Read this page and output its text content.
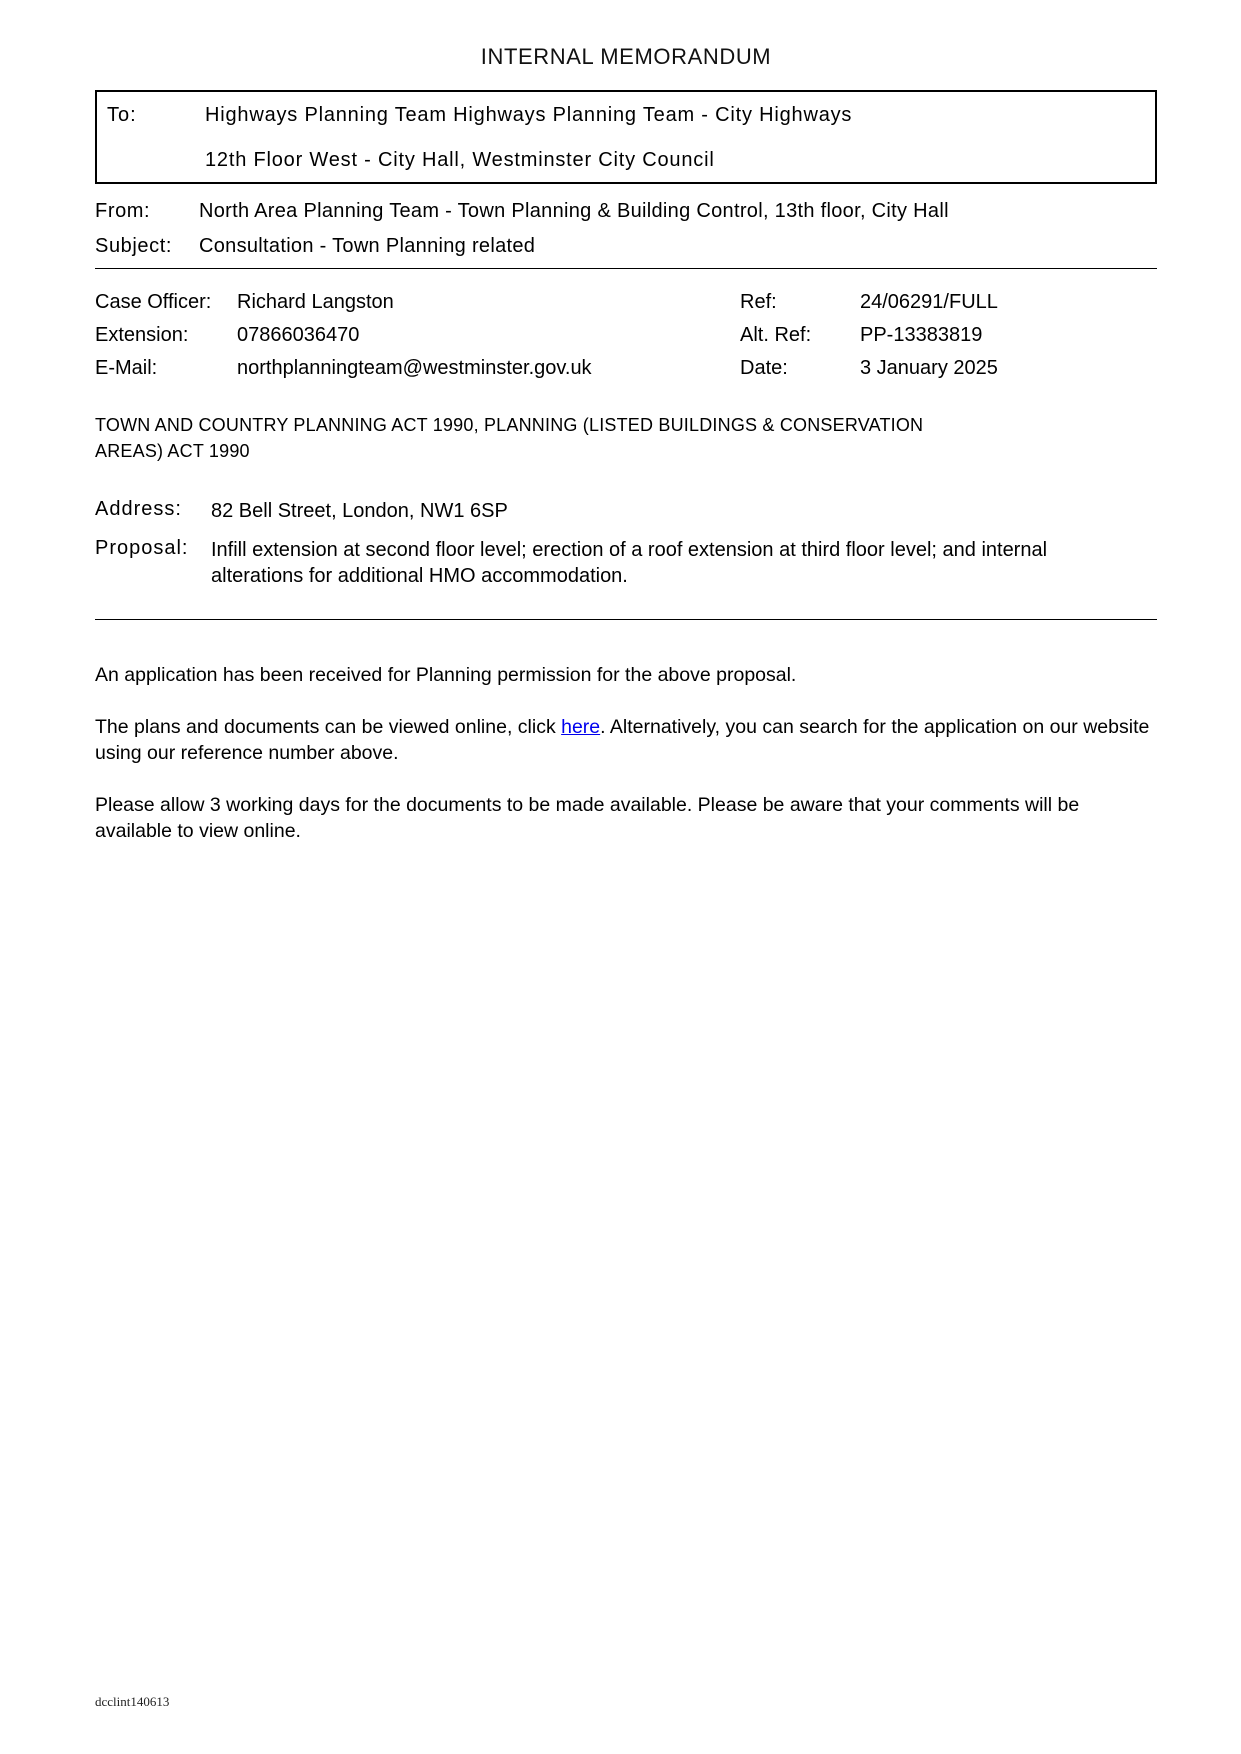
INTERNAL MEMORANDUM
To:	Highways Planning Team Highways Planning Team - City Highways
12th Floor West - City Hall, Westminster City Council
From:	North Area Planning Team - Town Planning & Building Control, 13th floor, City Hall
Subject:	Consultation - Town Planning related
Case Officer:	Richard Langston
Extension:	07866036470
E-Mail:	northplanningteam@westminster.gov.uk
Ref:	24/06291/FULL
Alt. Ref:	PP-13383819
Date:	3 January 2025
TOWN AND COUNTRY PLANNING ACT 1990, PLANNING (LISTED BUILDINGS & CONSERVATION AREAS) ACT 1990
Address:	82 Bell Street, London, NW1 6SP
Proposal:	Infill extension at second floor level; erection of a roof extension at third floor level; and internal alterations for additional HMO accommodation.
An application has been received for Planning permission for the above proposal.
The plans and documents can be viewed online, click here. Alternatively, you can search for the application on our website using our reference number above.
Please allow 3 working days for the documents to be made available. Please be aware that your comments will be available to view online.
dcclint140613
